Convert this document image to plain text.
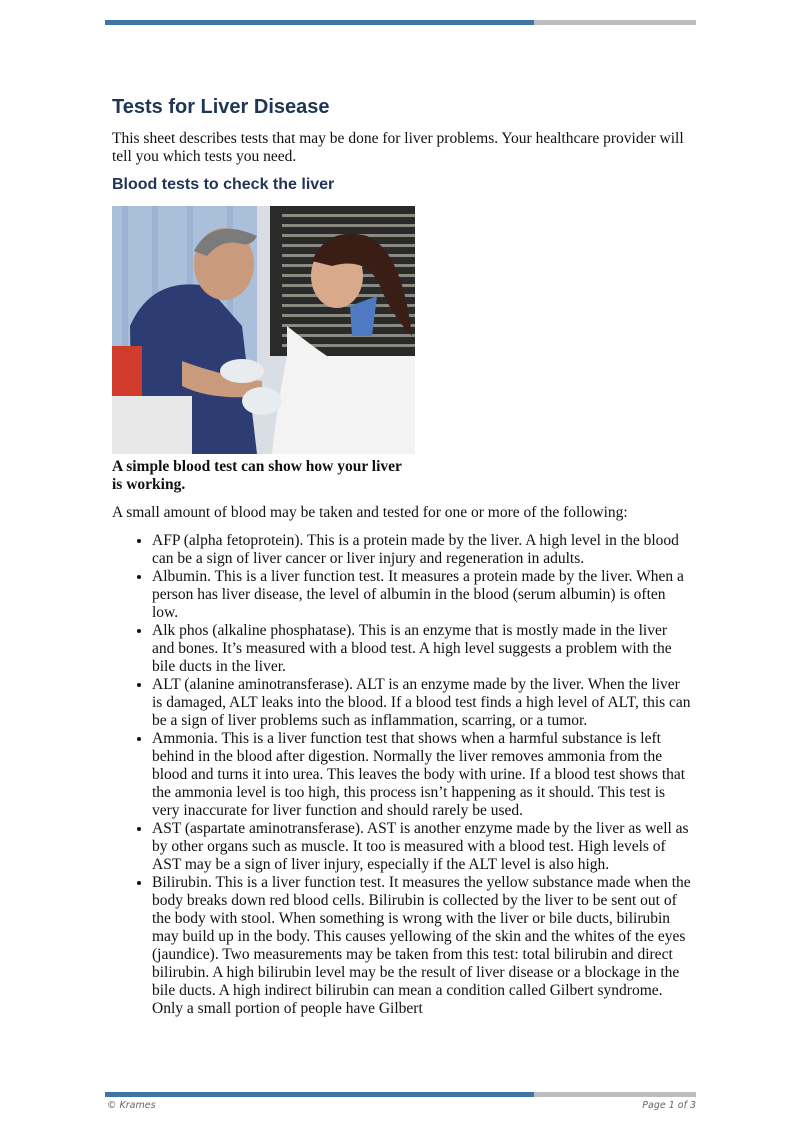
Tests for Liver Disease

This sheet describes tests that may be done for liver problems. Your healthcare provider will tell you which tests you need.

Blood tests to check the liver
A simple blood test can show how your liver is working.

A small amount of blood may be taken and tested for one or more of the following:

• AFP (alpha fetoprotein). This is a protein made by the liver. A high level in the blood can be a sign of liver cancer or liver injury and regeneration in adults.
• Albumin. This is a liver function test. It measures a protein made by the liver. When a person has liver disease, the level of albumin in the blood (serum albumin) is often low.
• Alk phos (alkaline phosphatase). This is an enzyme that is mostly made in the liver and bones. It’s measured with a blood test. A high level suggests a problem with the bile ducts in the liver.
• ALT (alanine aminotransferase). ALT is an enzyme made by the liver. When the liver is damaged, ALT leaks into the blood. If a blood test finds a high level of ALT, this can be a sign of liver problems such as inflammation, scarring, or a tumor.
• Ammonia. This is a liver function test that shows when a harmful substance is left behind in the blood after digestion. Normally the liver removes ammonia from the blood and turns it into urea. This leaves the body with urine. If a blood test shows that the ammonia level is too high, this process isn’t happening as it should. This test is very inaccurate for liver function and should rarely be used.
• AST (aspartate aminotransferase). AST is another enzyme made by the liver as well as by other organs such as muscle. It too is measured with a blood test. High levels of AST may be a sign of liver injury, especially if the ALT level is also high.
• Bilirubin. This is a liver function test. It measures the yellow substance made when the body breaks down red blood cells. Bilirubin is collected by the liver to be sent out of the body with stool. When something is wrong with the liver or bile ducts, bilirubin may build up in the body. This causes yellowing of the skin and the whites of the eyes (jaundice). Two measurements may be taken from this test: total bilirubin and direct bilirubin. A high bilirubin level may be the result of liver disease or a blockage in the bile ducts. A high indirect bilirubin can mean a condition called Gilbert syndrome. Only a small portion of people have Gilbert
© Krames	Page 1 of 3
